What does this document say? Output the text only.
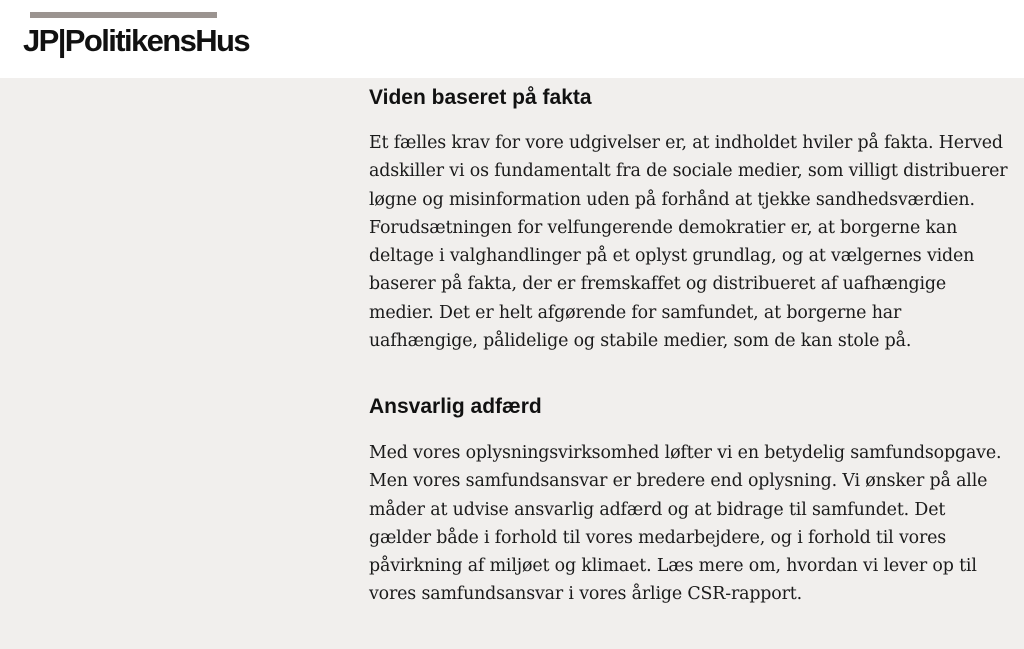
JP|PolitikensHus
Viden baseret på fakta

Et fælles krav for vore udgivelser er, at indholdet hviler på fakta. Herved adskiller vi os fundamentalt fra de sociale medier, som villigt distribuerer løgne og misinformation uden på forhånd at tjekke sandhedsværdien. Forudsætningen for velfungerende demokratier er, at borgerne kan deltage i valghandlinger på et oplyst grundlag, og at vælgernes viden baserer på fakta, der er fremskaffet og distribueret af uafhængige medier. Det er helt afgørende for samfundet, at borgerne har uafhængige, pålidelige og stabile medier, som de kan stole på.

Ansvarlig adfærd

Med vores oplysningsvirksomhed løfter vi en betydelig samfundsopgave. Men vores samfundsansvar er bredere end oplysning. Vi ønsker på alle måder at udvise ansvarlig adfærd og at bidrage til samfundet. Det gælder både i forhold til vores medarbejdere, og i forhold til vores påvirkning af miljøet og klimaet. Læs mere om, hvordan vi lever op til vores samfundsansvar i vores årlige CSR-rapport.
